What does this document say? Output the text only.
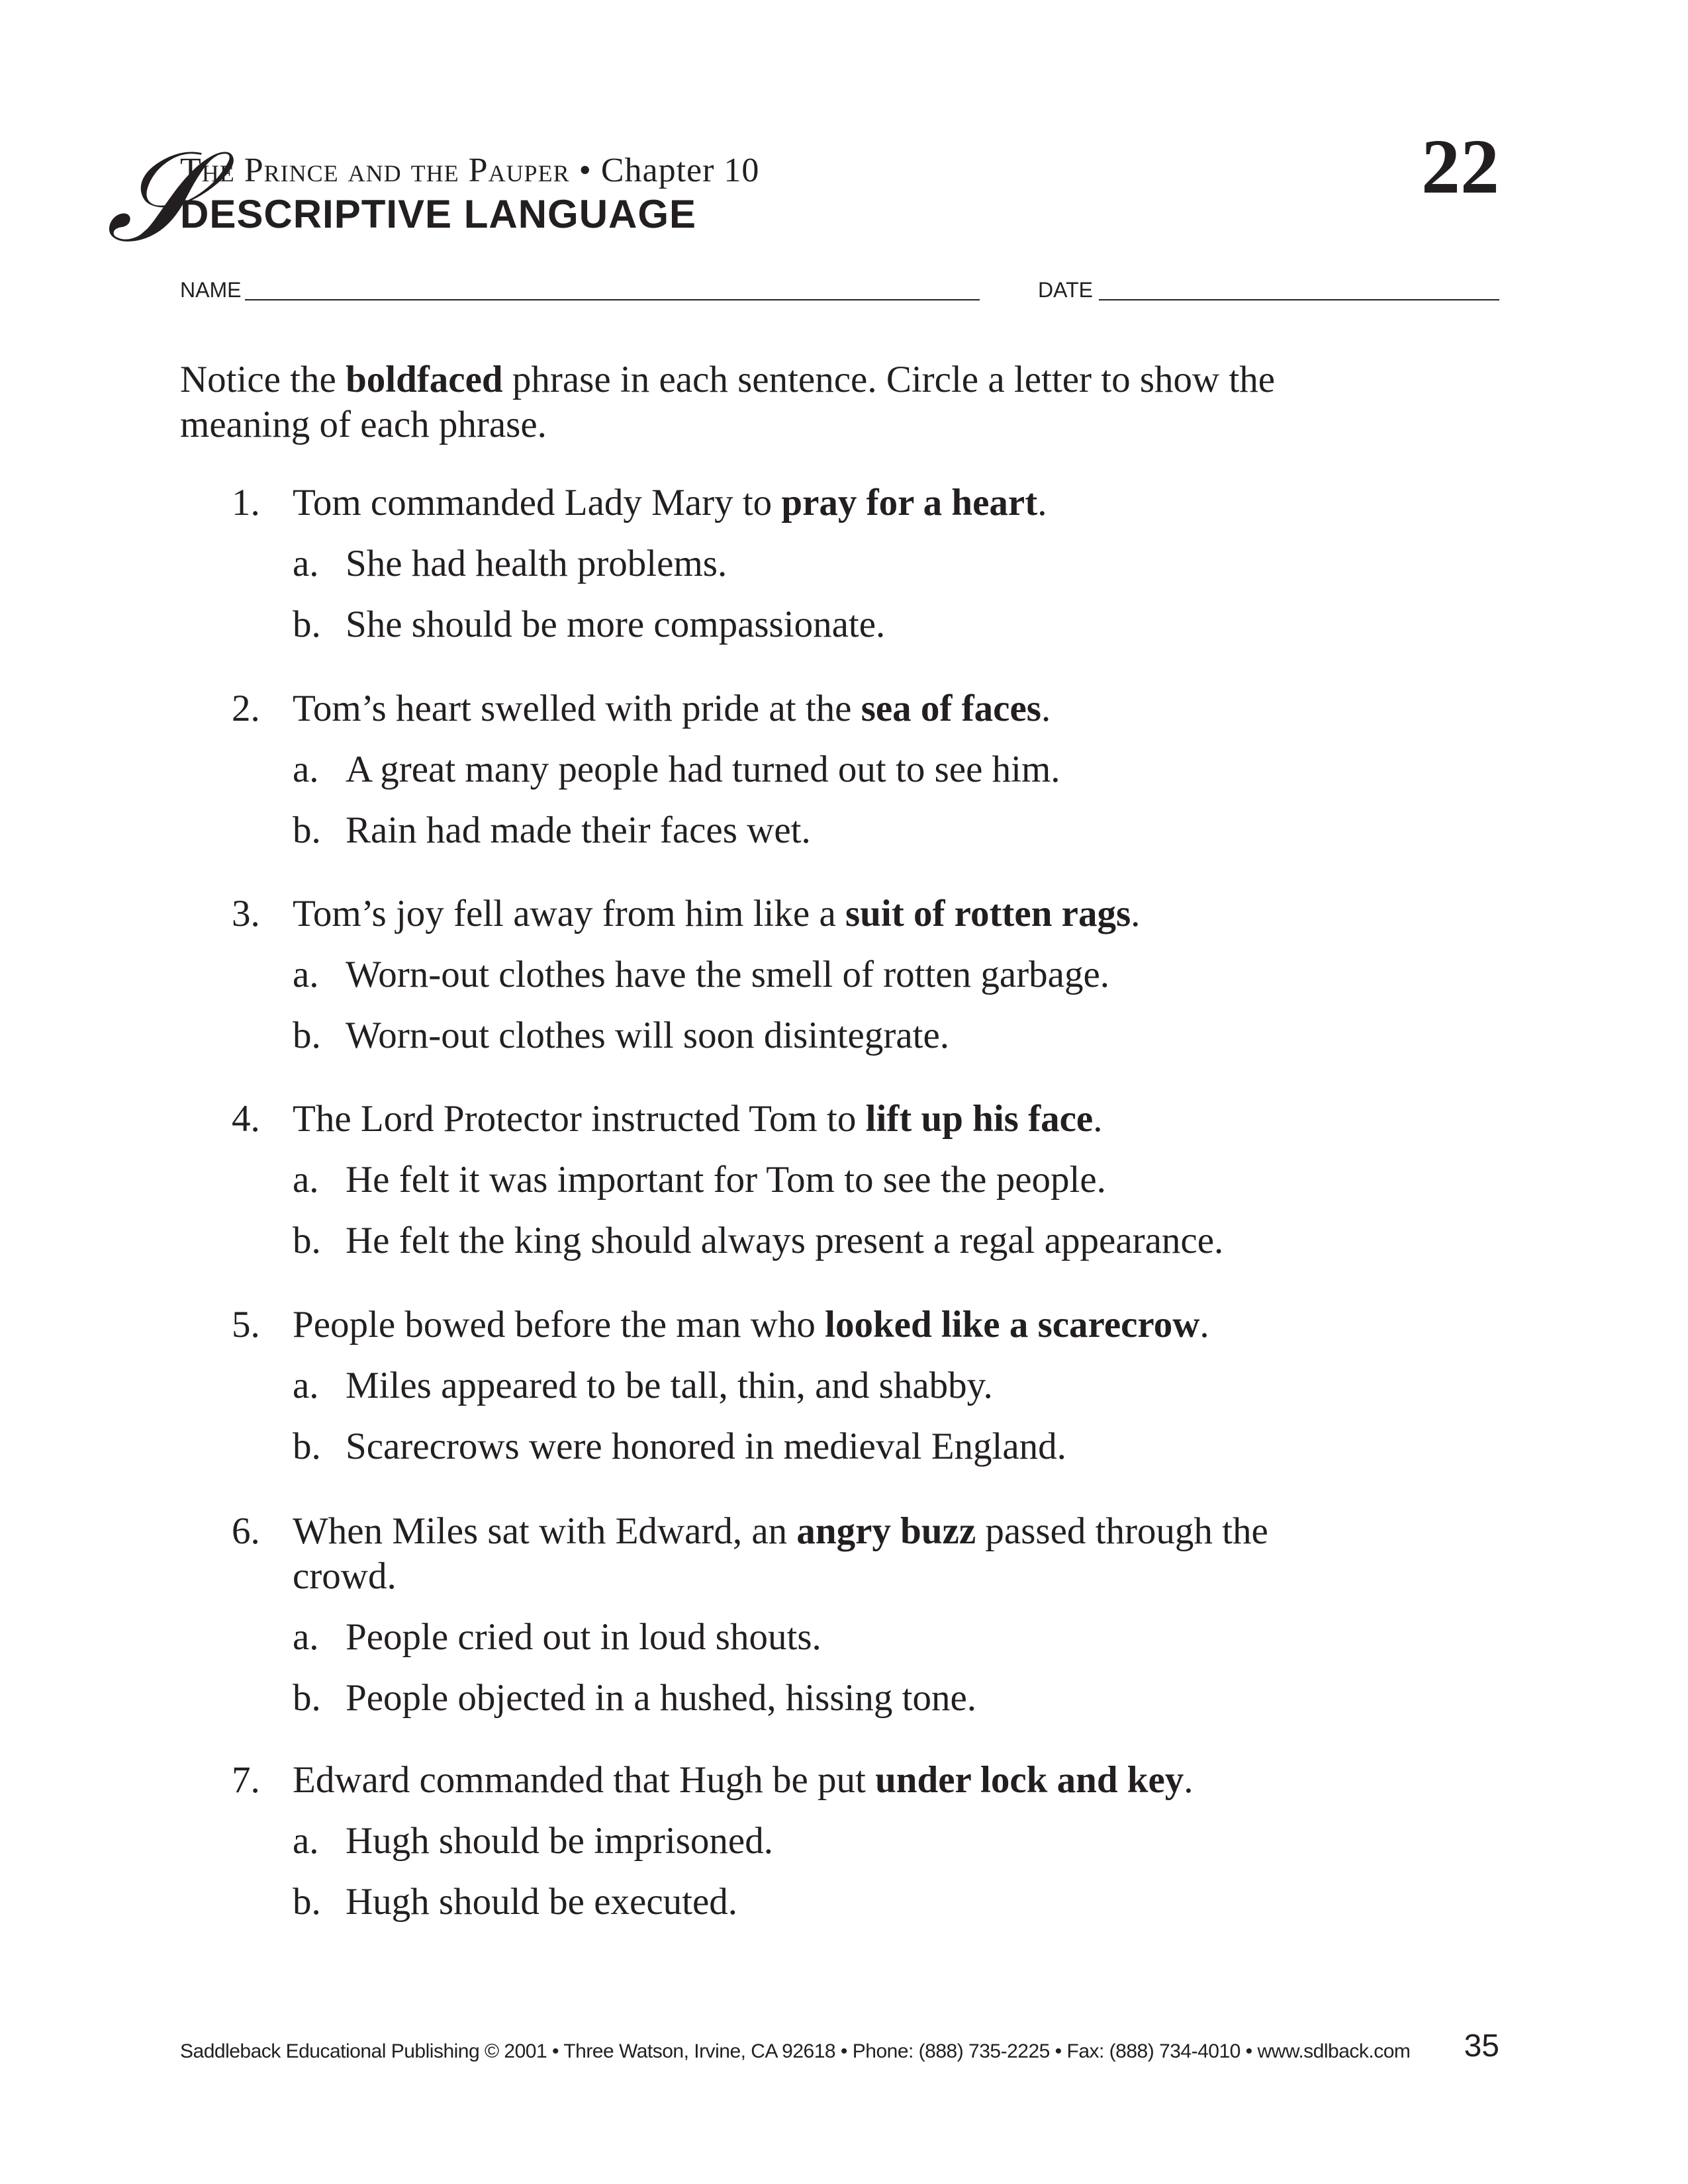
𝒮
The Prince and the Pauper • Chapter 10
DESCRIPTIVE LANGUAGE
22
NAME	DATE
Notice the boldfaced phrase in each sentence. Circle a letter to show the meaning of each phrase.
1. Tom commanded Lady Mary to pray for a heart.
a. She had health problems.
b. She should be more compassionate.
2. Tom’s heart swelled with pride at the sea of faces.
a. A great many people had turned out to see him.
b. Rain had made their faces wet.
3. Tom’s joy fell away from him like a suit of rotten rags.
a. Worn-out clothes have the smell of rotten garbage.
b. Worn-out clothes will soon disintegrate.
4. The Lord Protector instructed Tom to lift up his face.
a. He felt it was important for Tom to see the people.
b. He felt the king should always present a regal appearance.
5. People bowed before the man who looked like a scarecrow.
a. Miles appeared to be tall, thin, and shabby.
b. Scarecrows were honored in medieval England.
6. When Miles sat with Edward, an angry buzz passed through the crowd.
a. People cried out in loud shouts.
b. People objected in a hushed, hissing tone.
7. Edward commanded that Hugh be put under lock and key.
a. Hugh should be imprisoned.
b. Hugh should be executed.
Saddleback Educational Publishing © 2001 • Three Watson, Irvine, CA 92618 • Phone: (888) 735-2225 • Fax: (888) 734-4010 • www.sdlback.com 35
